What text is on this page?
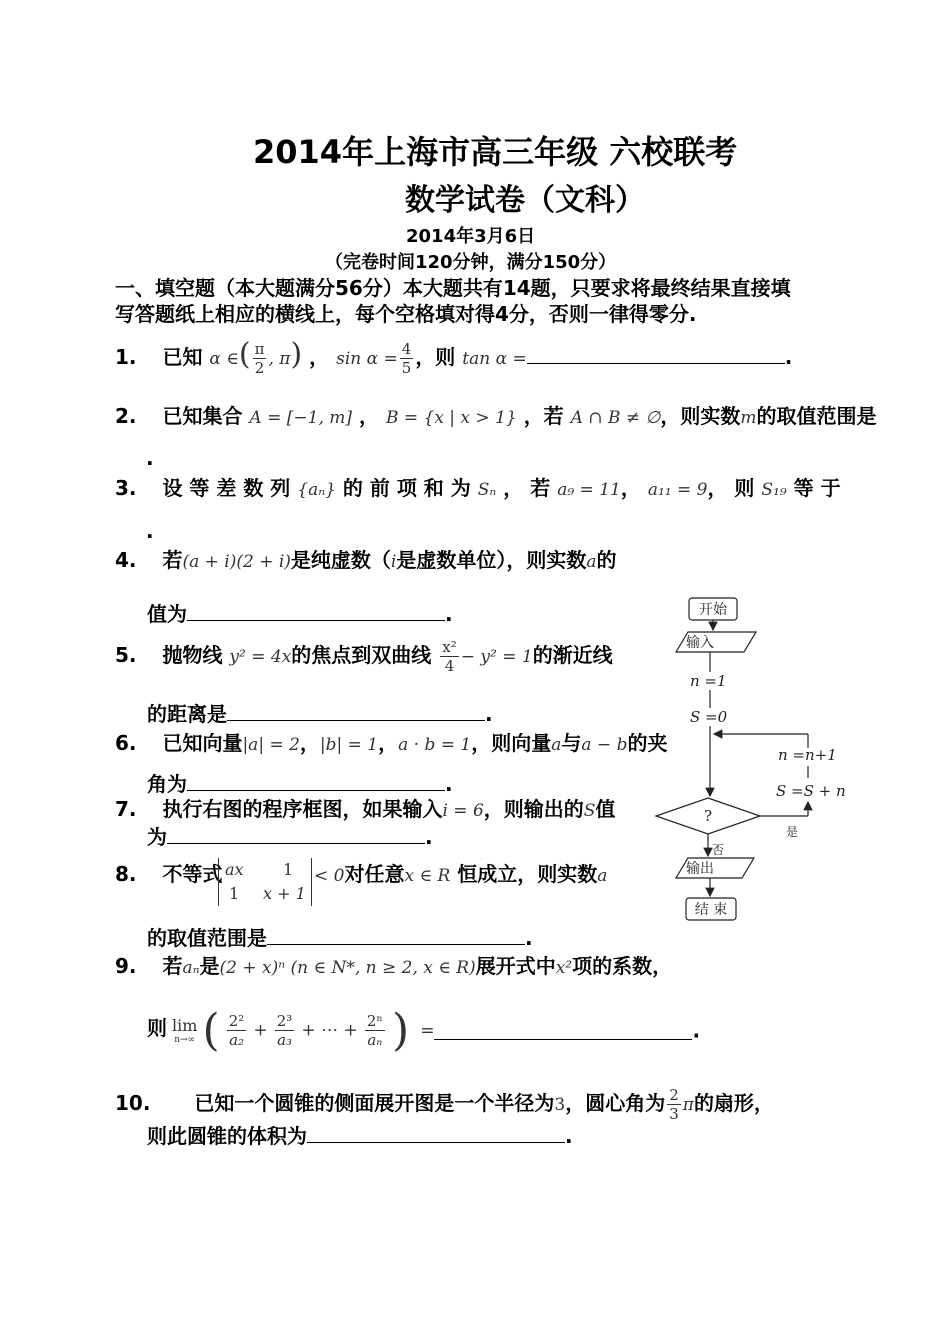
2014年上海市高三年级 六校联考
数学试卷（文科）
2014年3月6日
（完卷时间120分钟，满分150分）
一、填空题（本大题满分56分）本大题共有14题，只要求将最终结果直接填
写答题纸上相应的横线上，每个空格填对得4分，否则一律得零分.
1. 已知 α ∈( $\frac{\pi}{2}$ , π) ， $\sin \alpha = \frac{4}{5}$ ，则 tan α =	.
2. 已知集合 A = [−1, m] ， B = {x | x > 1} ，若 A ∩ B ≠ ∅，则实数m的取值范围是
.
3. 设 等 差 数 列 {aₙ} 的 前 项 和 为 Sₙ ， 若 a₉ = 11， a₁₁ = 9， 则 S₁₉ 等 于
.
4. 若(a + i)(2 + i)是纯虚数（i是虚数单位），则实数a的
值为	.
5. 抛物线 y² = 4x的焦点到双曲线 $\frac{\text{x²}}{4} - y^2 = 1$的渐近线
的距离是	.
6. 已知向量|a| = 2，|b| = 1，a · b = 1，则向量a与a − b的夹
角为	.
7. 执行右图的程序框图，如果输入i = 6，则输出的S值
为	.
8. 不等式 ax 1
1 x + 1
< 0对任意x ∈ R 恒成立，则实数a
的取值范围是	.
9. 若aₙ是(2 + x)ⁿ (n ∈ N*, n ≥ 2, x ∈ R)展开式中x²项的系数，
则 lim
n→∞ ( $\frac{\text{2²}}{\text{a₂}} + \frac{\text{2³}}{\text{a₃}}$ + ⋯ + $\frac{\text{2ⁿ}}{\text{aₙ}}$ ) =	.
10. 已知一个圆锥的侧面展开图是一个半径为3，圆心角为 $\frac{2}{3}$ π的扇形，
则此圆锥的体积为	.
开始
输入
n =1
S =0
n =n+1
S =S + n
?
是
否
输出
结 束
